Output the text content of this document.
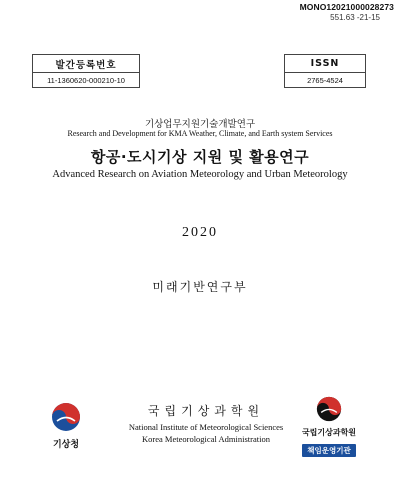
MONO12021000028273
551.63 -21-15
발간등록번호
11-1360620-000210-10
ISSN
2765-4524
기상업무지원기술개발연구
Research and Development for KMA Weather, Climate, and Earth system Services
항공·도시기상 지원 및 활용연구
Advanced Research on Aviation Meteorology and Urban Meteorology
2020
미래기반연구부
기상청
국립기상과학원
National Institute of Meteorological Sciences
Korea Meteorological Administration
국립기상과학원
책임운영기관
